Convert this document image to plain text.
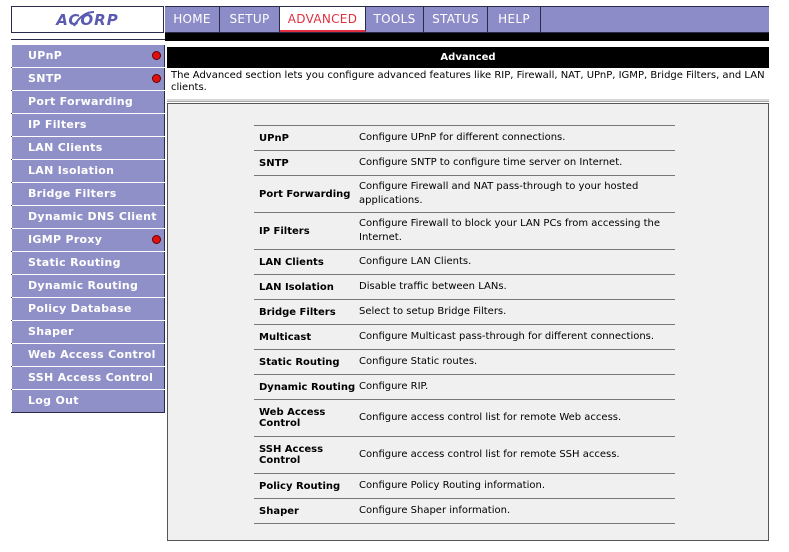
ACORP	HOME	SETUP	ADVANCED	TOOLS	STATUS	HELP
UPnP
SNTP
Port Forwarding
IP Filters
LAN Clients
LAN Isolation
Bridge Filters
Dynamic DNS Client
IGMP Proxy
Static Routing
Dynamic Routing
Policy Database
Shaper
Web Access Control
SSH Access Control
Log Out
Advanced
The Advanced section lets you configure advanced features like RIP, Firewall, NAT, UPnP, IGMP, Bridge Filters, and LAN clients.
UPnP	Configure UPnP for different connections.
SNTP	Configure SNTP to configure time server on Internet.
Port Forwarding	Configure Firewall and NAT pass-through to your hosted applications.
IP Filters	Configure Firewall to block your LAN PCs from accessing the Internet.
LAN Clients	Configure LAN Clients.
LAN Isolation	Disable traffic between LANs.
Bridge Filters	Select to setup Bridge Filters.
Multicast	Configure Multicast pass-through for different connections.
Static Routing	Configure Static routes.
Dynamic Routing	Configure RIP.
Web Access Control	Configure access control list for remote Web access.
SSH Access Control	Configure access control list for remote SSH access.
Policy Routing	Configure Policy Routing information.
Shaper	Configure Shaper information.
